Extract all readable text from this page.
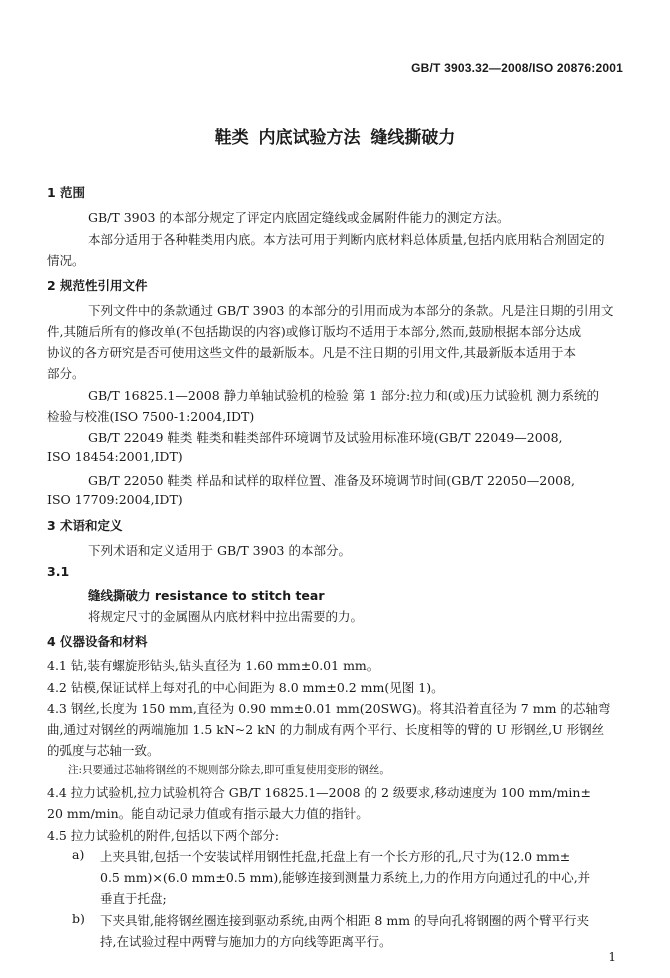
GB/T 3903.32—2008/ISO 20876:2001
鞋类 内底试验方法 缝线撕破力
1 范围
GB/T 3903 的本部分规定了评定内底固定缝线或金属附件能力的测定方法。
本部分适用于各种鞋类用内底。本方法可用于判断内底材料总体质量,包括内底用粘合剂固定的
情况。
2 规范性引用文件
下列文件中的条款通过 GB/T 3903 的本部分的引用而成为本部分的条款。凡是注日期的引用文
件,其随后所有的修改单(不包括勘误的内容)或修订版均不适用于本部分,然而,鼓励根据本部分达成
协议的各方研究是否可使用这些文件的最新版本。凡是不注日期的引用文件,其最新版本适用于本
部分。
GB/T 16825.1—2008 静力单轴试验机的检验 第 1 部分:拉力和(或)压力试验机 测力系统的
检验与校准(ISO 7500-1:2004,IDT)
GB/T 22049 鞋类 鞋类和鞋类部件环境调节及试验用标准环境(GB/T 22049—2008,
ISO 18454:2001,IDT)
GB/T 22050 鞋类 样品和试样的取样位置、准备及环境调节时间(GB/T 22050—2008,
ISO 17709:2004,IDT)
3 术语和定义
下列术语和定义适用于 GB/T 3903 的本部分。
3.1
缝线撕破力 resistance to stitch tear
将规定尺寸的金属圈从内底材料中拉出需要的力。
4 仪器设备和材料
4.1 钻,装有螺旋形钻头,钻头直径为 1.60 mm±0.01 mm。
4.2 钻模,保证试样上每对孔的中心间距为 8.0 mm±0.2 mm(见图 1)。
4.3 钢丝,长度为 150 mm,直径为 0.90 mm±0.01 mm(20SWG)。将其沿着直径为 7 mm 的芯轴弯
曲,通过对钢丝的两端施加 1.5 kN~2 kN 的力制成有两个平行、长度相等的臂的 U 形钢丝,U 形钢丝
的弧度与芯轴一致。
注:只要通过芯轴将钢丝的不规则部分除去,即可重复使用变形的钢丝。
4.4 拉力试验机,拉力试验机符合 GB/T 16825.1—2008 的 2 级要求,移动速度为 100 mm/min±
20 mm/min。能自动记录力值或有指示最大力值的指针。
4.5 拉力试验机的附件,包括以下两个部分:
a) 上夹具钳,包括一个安装试样用钢性托盘,托盘上有一个长方形的孔,尺寸为(12.0 mm±
0.5 mm)×(6.0 mm±0.5 mm),能够连接到测量力系统上,力的作用方向通过孔的中心,并
垂直于托盘;
b) 下夹具钳,能将钢丝圈连接到驱动系统,由两个相距 8 mm 的导向孔将钢圈的两个臂平行夹
持,在试验过程中两臂与施加力的方向线等距离平行。
1
